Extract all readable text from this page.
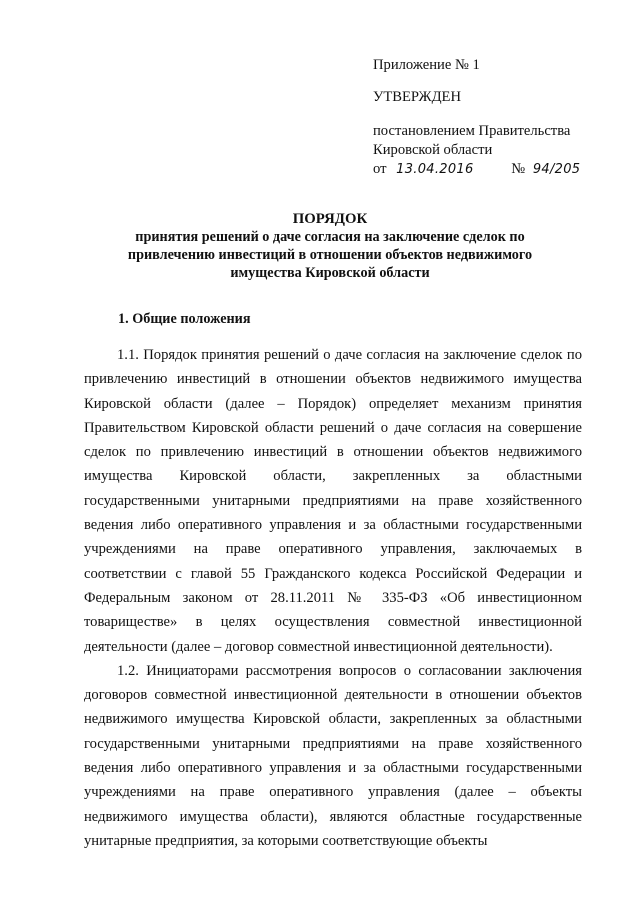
Приложение № 1
УТВЕРЖДЕН
постановлением Правительства
Кировской области
от 13.04.2016	№ 94/205
ПОРЯДОК
принятия решений о даче согласия на заключение сделок по
привлечению инвестиций в отношении объектов недвижимого
имущества Кировской области
1. Общие положения

1.1. Порядок принятия решений о даче согласия на заключение сделок по привлечению инвестиций в отношении объектов недвижимого имущества Кировской области (далее – Порядок) определяет механизм принятия Правительством Кировской области решений о даче согласия на совершение сделок по привлечению инвестиций в отношении объектов недвижимого имущества Кировской области, закрепленных за областными государственными унитарными предприятиями на праве хозяйственного ведения либо оперативного управления и за областными государственными учреждениями на праве оперативного управления, заключаемых в соответствии с главой 55 Гражданского кодекса Российской Федерации и Федеральным законом от 28.11.2011 № 335-ФЗ «Об инвестиционном товариществе» в целях осуществления совместной инвестиционной деятельности (далее – договор совместной инвестиционной деятельности).

1.2. Инициаторами рассмотрения вопросов о согласовании заключения договоров совместной инвестиционной деятельности в отношении объектов недвижимого имущества Кировской области, закрепленных за областными государственными унитарными предприятиями на праве хозяйственного ведения либо оперативного управления и за областными государственными учреждениями на праве оперативного управления (далее – объекты недвижимого имущества области), являются областные государственные унитарные предприятия, за которыми соответствующие объекты
